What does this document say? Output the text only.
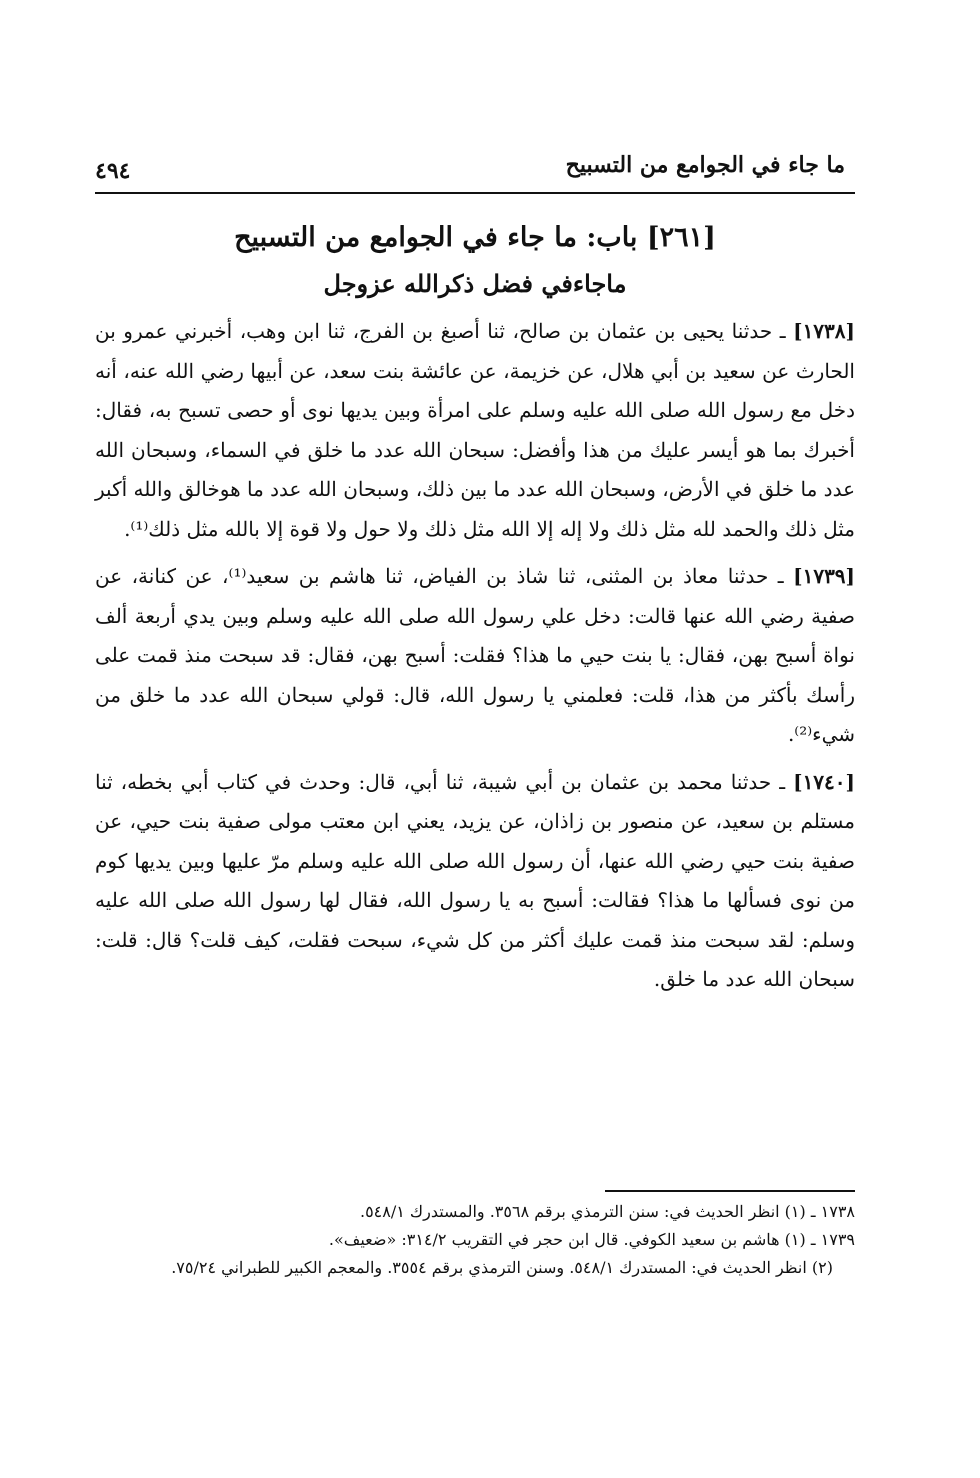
ما جاء في الجوامع من التسبيح
٤٩٤
[٢٦١] باب: ما جاء في الجوامع من التسبيح
ماجاءفي فضل ذكرالله عزوجل

[١٧٣٨] ـ حدثنا يحيى بن عثمان بن صالح، ثنا أصبغ بن الفرج، ثنا ابن وهب، أخبرني عمرو بن الحارث عن سعيد بن أبي هلال، عن خزيمة، عن عائشة بنت سعد، عن أبيها رضي الله عنه، أنه دخل مع رسول الله صلى الله عليه وسلم على امرأة وبين يديها نوى أو حصى تسبح به، فقال: أخبرك بما هو أيسر عليك من هذا وأفضل: سبحان الله عدد ما خلق في السماء، وسبحان الله عدد ما خلق في الأرض، وسبحان الله عدد ما بين ذلك، وسبحان الله عدد ما هوخالق والله أكبر مثل ذلك والحمد لله مثل ذلك ولا إله إلا الله مثل ذلك ولا حول ولا قوة إلا بالله مثل ذلك⁽¹⁾.

[١٧٣٩] ـ حدثنا معاذ بن المثنى، ثنا شاذ بن الفياض، ثنا هاشم بن سعيد⁽¹⁾، عن كنانة، عن صفية رضي الله عنها قالت: دخل علي رسول الله صلى الله عليه وسلم وبين يدي أربعة ألف نواة أسبح بهن، فقال: يا بنت حيي ما هذا؟ فقلت: أسبح بهن، فقال: قد سبحت منذ قمت على رأسك بأكثر من هذا، قلت: فعلمني يا رسول الله، قال: قولي سبحان الله عدد ما خلق من شيء⁽²⁾.

[١٧٤٠] ـ حدثنا محمد بن عثمان بن أبي شيبة، ثنا أبي، قال: وحدث في كتاب أبي بخطه، ثنا مستلم بن سعيد، عن منصور بن زاذان، عن يزيد، يعني ابن معتب مولى صفية بنت حيي، عن صفية بنت حيي رضي الله عنها، أن رسول الله صلى الله عليه وسلم مرّ عليها وبين يديها كوم من نوى فسألها ما هذا؟ فقالت: أسبح به يا رسول الله، فقال لها رسول الله صلى الله عليه وسلم: لقد سبحت منذ قمت عليك أكثر من كل شيء، سبحت فقلت، كيف قلت؟ قال: قلت: سبحان الله عدد ما خلق.

١٧٣٨ ـ (١) انظر الحديث في: سنن الترمذي برقم ٣٥٦٨. والمستدرك ٥٤٨/١.

١٧٣٩ ـ (١) هاشم بن سعيد الكوفي. قال ابن حجر في التقريب ٣١٤/٢: «ضعيف».

(٢) انظر الحديث في: المستدرك ٥٤٨/١. وسنن الترمذي برقم ٣٥٥٤. والمعجم الكبير للطبراني ٧٥/٢٤.
